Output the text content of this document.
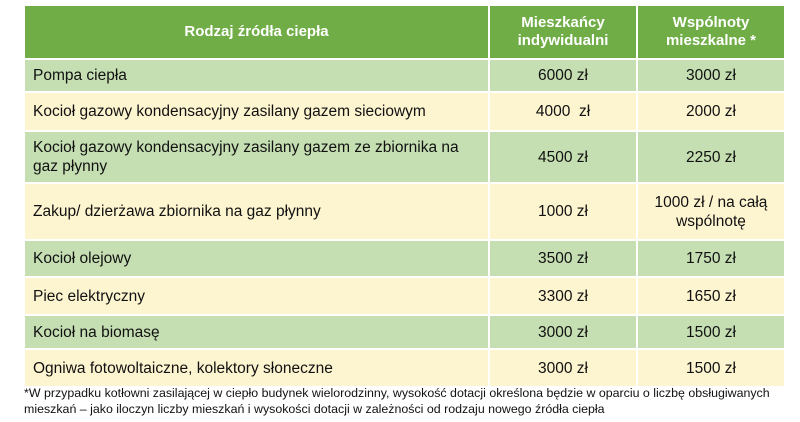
Rodzaj źródła ciepła	Mieszkańcy indywidualni	Wspólnoty mieszkalne *
Pompa ciepła	6000 zł	3000 zł
Kocioł gazowy kondensacyjny zasilany gazem sieciowym	4000  zł	2000 zł
Kocioł gazowy kondensacyjny zasilany gazem ze zbiornika na gaz płynny	4500 zł	2250 zł
Zakup/ dzierżawa zbiornika na gaz płynny	1000 zł	1000 zł / na całą wspólnotę
Kocioł olejowy	3500 zł	1750 zł
Piec elektryczny	3300 zł	1650 zł
Kocioł na biomasę	3000 zł	1500 zł
Ogniwa fotowoltaiczne, kolektory słoneczne	3000 zł	1500 zł
*W przypadku kotłowni zasilającej w ciepło budynek wielorodzinny, wysokość dotacji określona będzie w oparciu o liczbę obsługiwanych mieszkań – jako iloczyn liczby mieszkań i wysokości dotacji w zależności od rodzaju nowego źródła ciepła
